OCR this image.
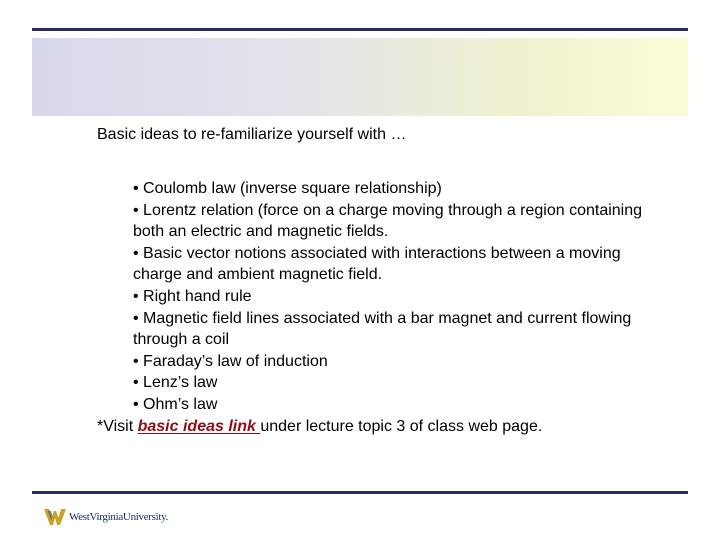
Basic ideas to re-familiarize yourself with …
• Coulomb law (inverse square relationship)
• Lorentz relation (force on a charge moving through a region containing both an electric and magnetic fields.
• Basic vector notions associated with interactions between a moving charge and ambient magnetic field.
• Right hand rule
• Magnetic field lines associated with a bar magnet and current flowing through a coil
• Faraday’s law of induction
• Lenz’s law
• Ohm’s law
*Visit basic ideas link under lecture topic 3 of class web page.
WestVirginiaUniversity.
